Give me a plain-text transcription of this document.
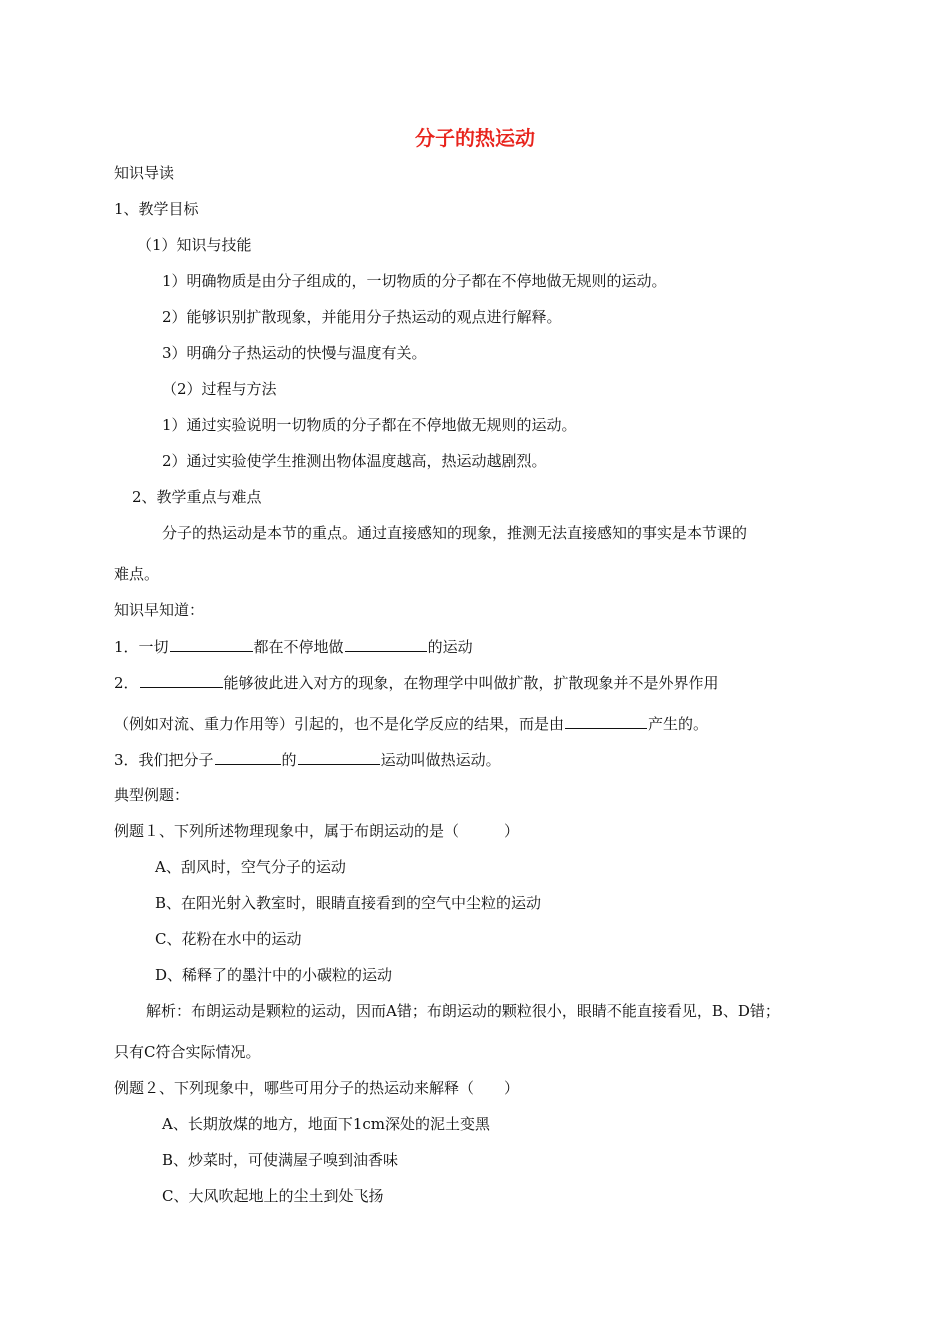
分子的热运动
知识导读
1、教学目标
（1）知识与技能
1）明确物质是由分子组成的，一切物质的分子都在不停地做无规则的运动。
2）能够识别扩散现象，并能用分子热运动的观点进行解释。
3）明确分子热运动的快慢与温度有关。
（2）过程与方法
1）通过实验说明一切物质的分子都在不停地做无规则的运动。
2）通过实验使学生推测出物体温度越高，热运动越剧烈。
2、教学重点与难点
分子的热运动是本节的重点。通过直接感知的现象，推测无法直接感知的事实是本节课的
难点。
知识早知道：
1．一切	都在不停地做	的运动
2．	能够彼此进入对方的现象，在物理学中叫做扩散，扩散现象并不是外界作用
（例如对流、重力作用等）引起的，也不是化学反应的结果，而是由	产生的。
3．我们把分子	的	运动叫做热运动。
典型例题：
例题１、下列所述物理现象中，属于布朗运动的是（　　　）
A、刮风时，空气分子的运动
B、在阳光射入教室时，眼睛直接看到的空气中尘粒的运动
C、花粉在水中的运动
D、稀释了的墨汁中的小碳粒的运动
解析：布朗运动是颗粒的运动，因而A错；布朗运动的颗粒很小，眼睛不能直接看见，B、D错；
只有C符合实际情况。
例题２、下列现象中，哪些可用分子的热运动来解释（　　）
A、长期放煤的地方，地面下1cm深处的泥土变黑
B、炒菜时，可使满屋子嗅到油香味
C、大风吹起地上的尘土到处飞扬
